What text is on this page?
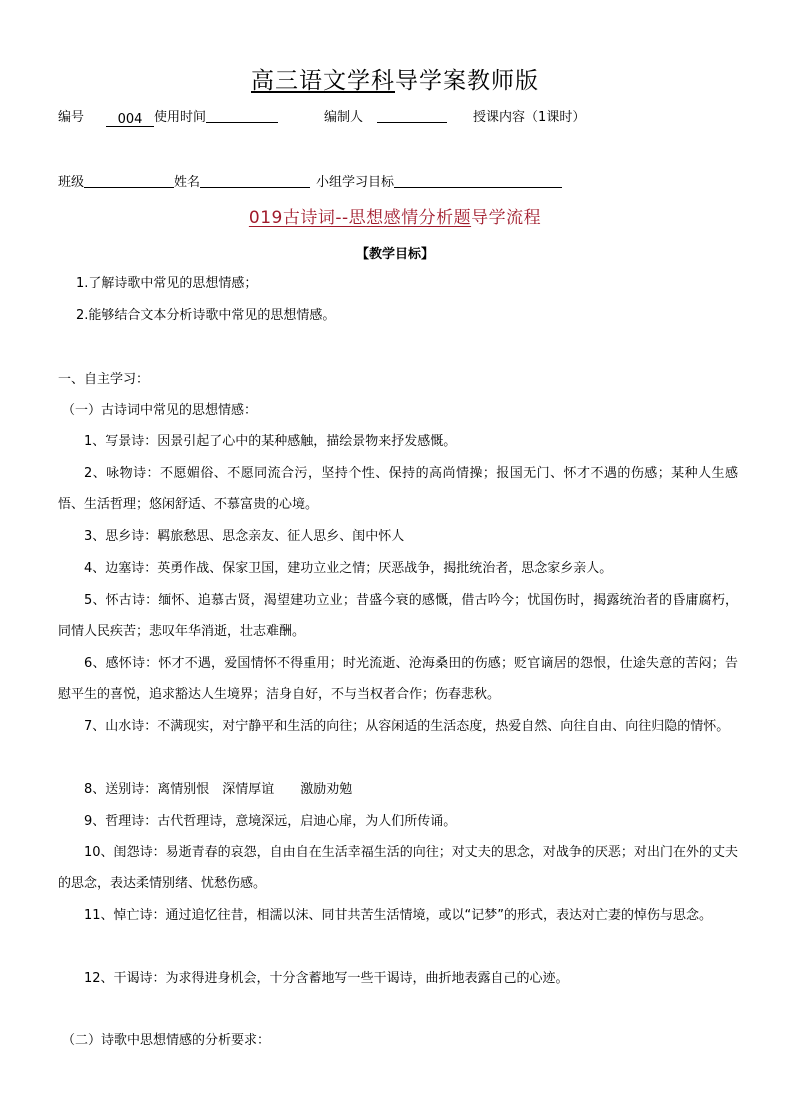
高三语文学科导学案教师版
编号	004 使用时间	编制人	授课内容（1课时）
班级	姓名	小组学习目标
019古诗词--思想感情分析题导学流程
【教学目标】
1.了解诗歌中常见的思想情感；
2.能够结合文本分析诗歌中常见的思想情感。
一、自主学习：
（一）古诗词中常见的思想情感：
1、写景诗：因景引起了心中的某种感触，描绘景物来抒发感慨。
2、咏物诗：不愿媚俗、不愿同流合污，坚持个性、保持的高尚情操；报国无门、怀才不遇的伤感；某种人生感悟、生活哲理；悠闲舒适、不慕富贵的心境。
3、思乡诗：羁旅愁思、思念亲友、征人思乡、闺中怀人
4、边塞诗：英勇作战、保家卫国，建功立业之情；厌恶战争，揭批统治者，思念家乡亲人。
5、怀古诗：缅怀、追慕古贤，渴望建功立业；昔盛今衰的感慨，借古吟今；忧国伤时，揭露统治者的昏庸腐朽，同情人民疾苦；悲叹年华消逝，壮志难酬。
6、感怀诗：怀才不遇，爱国情怀不得重用；时光流逝、沧海桑田的伤感；贬官谪居的怨恨，仕途失意的苦闷；告慰平生的喜悦，追求豁达人生境界；洁身自好，不与当权者合作；伤春悲秋。
7、山水诗：不满现实，对宁静平和生活的向往；从容闲适的生活态度，热爱自然、向往自由、向往归隐的情怀。
8、送别诗：离情别恨　深情厚谊　　激励劝勉
9、哲理诗：古代哲理诗，意境深远，启迪心扉，为人们所传诵。
10、闺怨诗：易逝青春的哀怨，自由自在生活幸福生活的向往；对丈夫的思念，对战争的厌恶；对出门在外的丈夫的思念，表达柔情别绪、忧愁伤感。
11、悼亡诗：通过追忆往昔，相濡以沫、同甘共苦生活情境，或以“记梦”的形式，表达对亡妻的悼伤与思念。
12、干谒诗：为求得进身机会，十分含蓄地写一些干谒诗，曲折地表露自己的心迹。
（二）诗歌中思想情感的分析要求：
